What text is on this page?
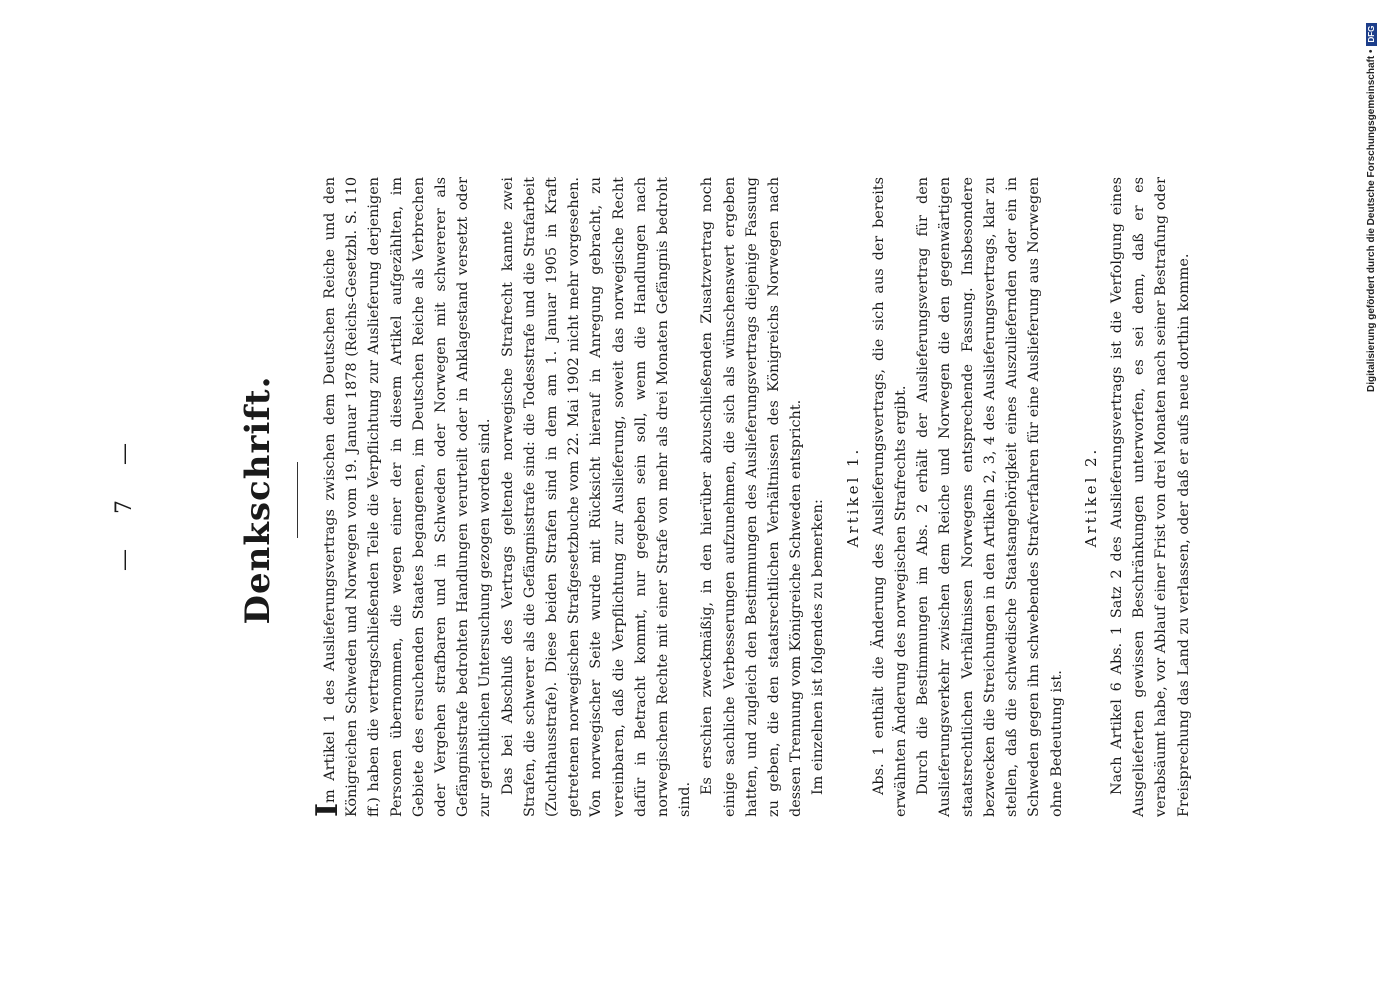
— 7 —	Denkschrift.

Im Artikel 1 des Auslieferungsvertrags zwischen dem Deutschen Reiche und den Königreichen Schweden und Norwegen vom 19. Januar 1878 (Reichs-Gesetzbl. S. 110 ff.) haben die vertragschließenden Teile die Verpflichtung zur Auslieferung derjenigen Personen übernommen, die wegen einer der in diesem Artikel aufgezählten, im Gebiete des ersuchenden Staates begangenen, im Deutschen Reiche als Verbrechen oder Vergehen strafbaren und in Schweden oder Norwegen mit schwererer als Gefängnisstrafe bedrohten Handlungen verurteilt oder in Anklagestand versetzt oder zur gerichtlichen Untersuchung gezogen worden sind. Das bei Abschluß des Vertrags geltende norwegische Strafrecht kannte zwei Strafen, die schwerer als die Gefängnisstrafe sind: die Todesstrafe und die Strafarbeit (Zuchthausstrafe). Diese beiden Strafen sind in dem am 1. Januar 1905 in Kraft getretenen norwegischen Strafgesetzbuche vom 22. Mai 1902 nicht mehr vorgesehen. Von norwegischer Seite wurde mit Rücksicht hierauf in Anregung gebracht, zu vereinbaren, daß die Verpflichtung zur Auslieferung, soweit das norwegische Recht dafür in Betracht kommt, nur gegeben sein soll, wenn die Handlungen nach norwegischem Rechte mit einer Strafe von mehr als drei Monaten Gefängnis bedroht sind.

Es erschien zweckmäßig, in den hierüber abzuschließenden Zusatzvertrag noch einige sachliche Verbesserungen aufzunehmen, die sich als wünschenswert ergeben hatten, und zugleich den Bestimmungen des Auslieferungsvertrags diejenige Fassung zu geben, die den staatsrechtlichen Verhältnissen des Königreichs Norwegen nach dessen Trennung vom Königreiche Schweden entspricht. Im einzelnen ist folgendes zu bemerken:

Artikel 1. Abs. 1 enthält die Änderung des Auslieferungsvertrags, die sich aus der bereits erwähnten Änderung des norwegischen Strafrechts ergibt. Durch die Bestimmungen im Abs. 2 erhält der Auslieferungsvertrag für den Auslieferungsverkehr zwischen dem Reiche und Norwegen die den gegenwärtigen staatsrechtlichen Verhältnissen Norwegens entsprechende Fassung. Insbesondere bezwecken die Streichungen in den Artikeln 2, 3, 4 des Auslieferungsvertrags, klar zu stellen, daß die schwedische Staatsangehörigkeit eines Auszuliefernden oder ein in Schweden gegen ihn schwebendes Strafverfahren für eine Auslieferung aus Norwegen ohne Bedeutung ist.

Artikel 2. Nach Artikel 6 Abs. 1 Satz 2 des Auslieferungsvertrags ist die Verfolgung eines Ausgelieferten gewissen Beschränkungen unterworfen, es sei denn, daß er es verabsäumt habe, vor Ablauf einer Frist von drei Monaten nach seiner Bestrafung oder Freisprechung das Land zu verlassen, oder daß er aufs neue dorthin komme.

Digitalisierung gefördert durch die Deutsche Forschungsgemeinschaft •
DFG
